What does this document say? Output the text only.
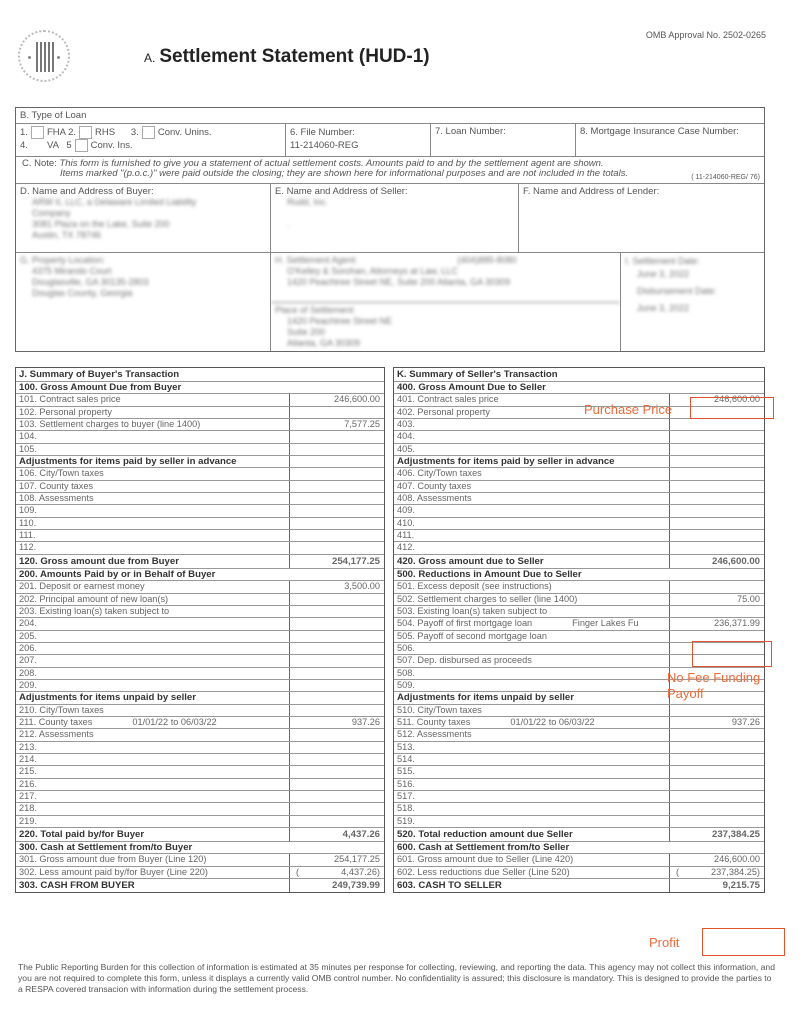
A. Settlement Statement (HUD-1)
OMB Approval No. 2502-0265
B. Type of Loan
1. FHA 2. RHS 3. Conv. Unins.
4. VA 5 Conv. Ins.
6. File Number:
11-214060-REG
7. Loan Number:	8. Mortgage Insurance Case Number:
C. Note: This form is furnished to give you a statement of actual settlement costs. Amounts paid to and by the settlement agent are shown.
Items marked "(p.o.c.)" were paid outside the closing; they are shown here for informational purposes and are not included in the totals.	( 11-214060-REG/ 76)
D. Name and Address of Buyer:
ARW II, LLC, a Delaware Limited Liability
Company
3081 Plaza on the Lake, Suite 200
Austin, TX 78746
E. Name and Address of Seller:
Rudd, Inc.

.
F. Name and Address of Lender:
G. Property Location:
4375 Mirando Court
Douglasville, GA 30135-2803
Douglas County, Georgia
H. Settlement Agent:	(404)885-8080
O'Kelley & Sorohan, Attorneys at Law, LLC
1420 Peachtree Street NE, Suite 200 Atlanta, GA 30309
Place of Settlement:
1420 Peachtree Street NE
Suite 200
Atlanta, GA 30309
I. Settlement Date:
June 3, 2022
Disbursement Date:
June 3, 2022
J. Summary of Buyer's Transaction
100. Gross Amount Due from Buyer
101. Contract sales price	246,600.00
102. Personal property
103. Settlement charges to buyer (line 1400)	7,577.25
104.
105.
Adjustments for items paid by seller in advance
106. City/Town taxes
107. County taxes
108. Assessments
109.
110.
111.
112.
120. Gross amount due from Buyer	254,177.25
200. Amounts Paid by or in Behalf of Buyer
201. Deposit or earnest money	3,500.00
202. Principal amount of new loan(s)
203. Existing loan(s) taken subject to
204.
205.
206.
207.
208.
209.
Adjustments for items unpaid by seller
210. City/Town taxes
211. County taxes	01/01/22 to 06/03/22	937.26
212. Assessments
213.
214.
215.
216.
217.
218.
219.
220. Total paid by/for Buyer	4,437.26
300. Cash at Settlement from/to Buyer
301. Gross amount due from Buyer (Line 120)	254,177.25
302. Less amount paid by/for Buyer (Line 220)	(	4,437.26)
303. CASH FROM BUYER	249,739.99
K. Summary of Seller's Transaction
400. Gross Amount Due to Seller
401. Contract sales price	246,600.00
402. Personal property
403.
404.
405.
Adjustments for items paid by seller in advance
406. City/Town taxes
407. County taxes
408. Assessments
409.
410.
411.
412.
420. Gross amount due to Seller	246,600.00
500. Reductions in Amount Due to Seller
501. Excess deposit (see instructions)
502. Settlement charges to seller (line 1400)	75.00
503. Existing loan(s) taken subject to
504. Payoff of first mortgage loan	Finger Lakes Fu	236,371.99
505. Payoff of second mortgage loan
506.
507. Dep. disbursed as proceeds
508.
509.
Adjustments for items unpaid by seller
510. City/Town taxes
511. County taxes	01/01/22 to 06/03/22	937.26
512. Assessments
513.
514.
515.
516.
517.
518.
519.
520. Total reduction amount due Seller	237,384.25
600. Cash at Settlement from/to Seller
601. Gross amount due to Seller (Line 420)	246,600.00
602. Less reductions due Seller (Line 520)	(	237,384.25)
603. CASH TO SELLER	9,215.75
Purchase Price
No Fee Funding
Payoff
Profit
The Public Reporting Burden for this collection of information is estimated at 35 minutes per response for collecting, reviewing, and reporting the data. This agency may not collect this information, and you are not required to complete this form, unless it displays a currently valid OMB control number. No confidentiality is assured; this disclosure is mandatory. This is designed to provide the parties to a RESPA covered transacion with information during the settlement process.
